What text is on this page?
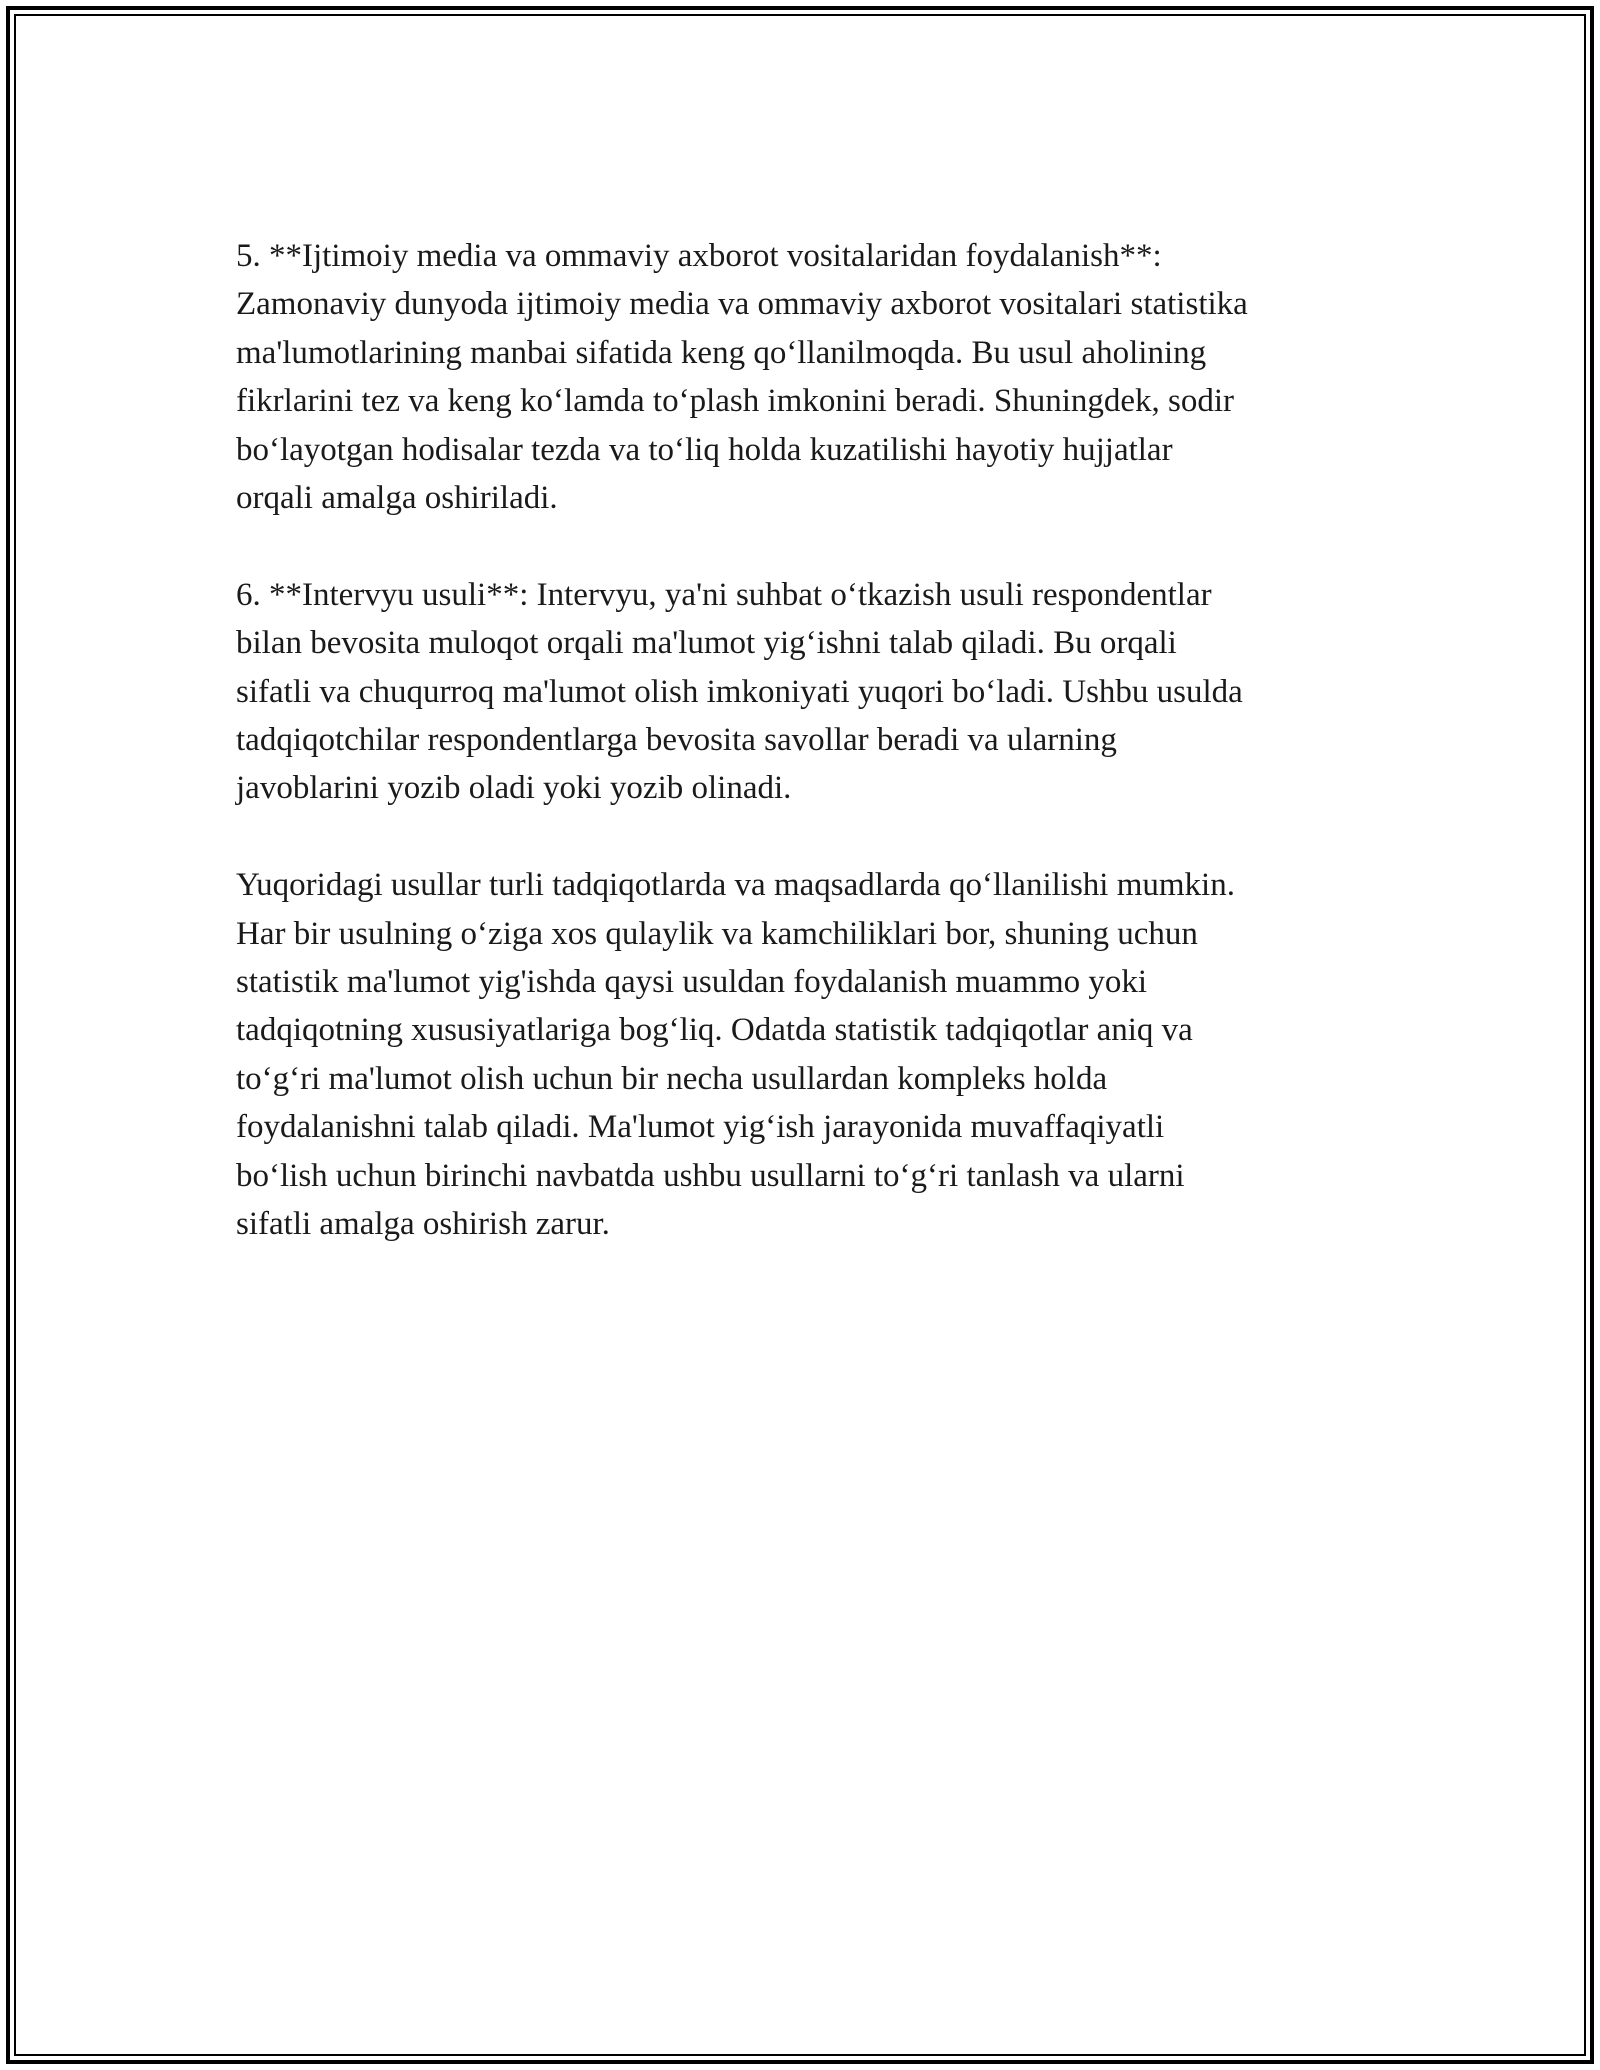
5. **Ijtimoiy media va ommaviy axborot vositalaridan foydalanish**:
Zamonaviy dunyoda ijtimoiy media va ommaviy axborot vositalari statistika
ma'lumotlarining manbai sifatida keng qo‘llanilmoqda. Bu usul aholining
fikrlarini tez va keng ko‘lamda to‘plash imkonini beradi. Shuningdek, sodir
bo‘layotgan hodisalar tezda va to‘liq holda kuzatilishi hayotiy hujjatlar
orqali amalga oshiriladi.

6. **Intervyu usuli**: Intervyu, ya'ni suhbat o‘tkazish usuli respondentlar
bilan bevosita muloqot orqali ma'lumot yig‘ishni talab qiladi. Bu orqali
sifatli va chuqurroq ma'lumot olish imkoniyati yuqori bo‘ladi. Ushbu usulda
tadqiqotchilar respondentlarga bevosita savollar beradi va ularning
javoblarini yozib oladi yoki yozib olinadi.

Yuqoridagi usullar turli tadqiqotlarda va maqsadlarda qo‘llanilishi mumkin.
Har bir usulning o‘ziga xos qulaylik va kamchiliklari bor, shuning uchun
statistik ma'lumot yig'ishda qaysi usuldan foydalanish muammo yoki
tadqiqotning xususiyatlariga bog‘liq. Odatda statistik tadqiqotlar aniq va
to‘g‘ri ma'lumot olish uchun bir necha usullardan kompleks holda
foydalanishni talab qiladi. Ma'lumot yig‘ish jarayonida muvaffaqiyatli
bo‘lish uchun birinchi navbatda ushbu usullarni to‘g‘ri tanlash va ularni
sifatli amalga oshirish zarur.
